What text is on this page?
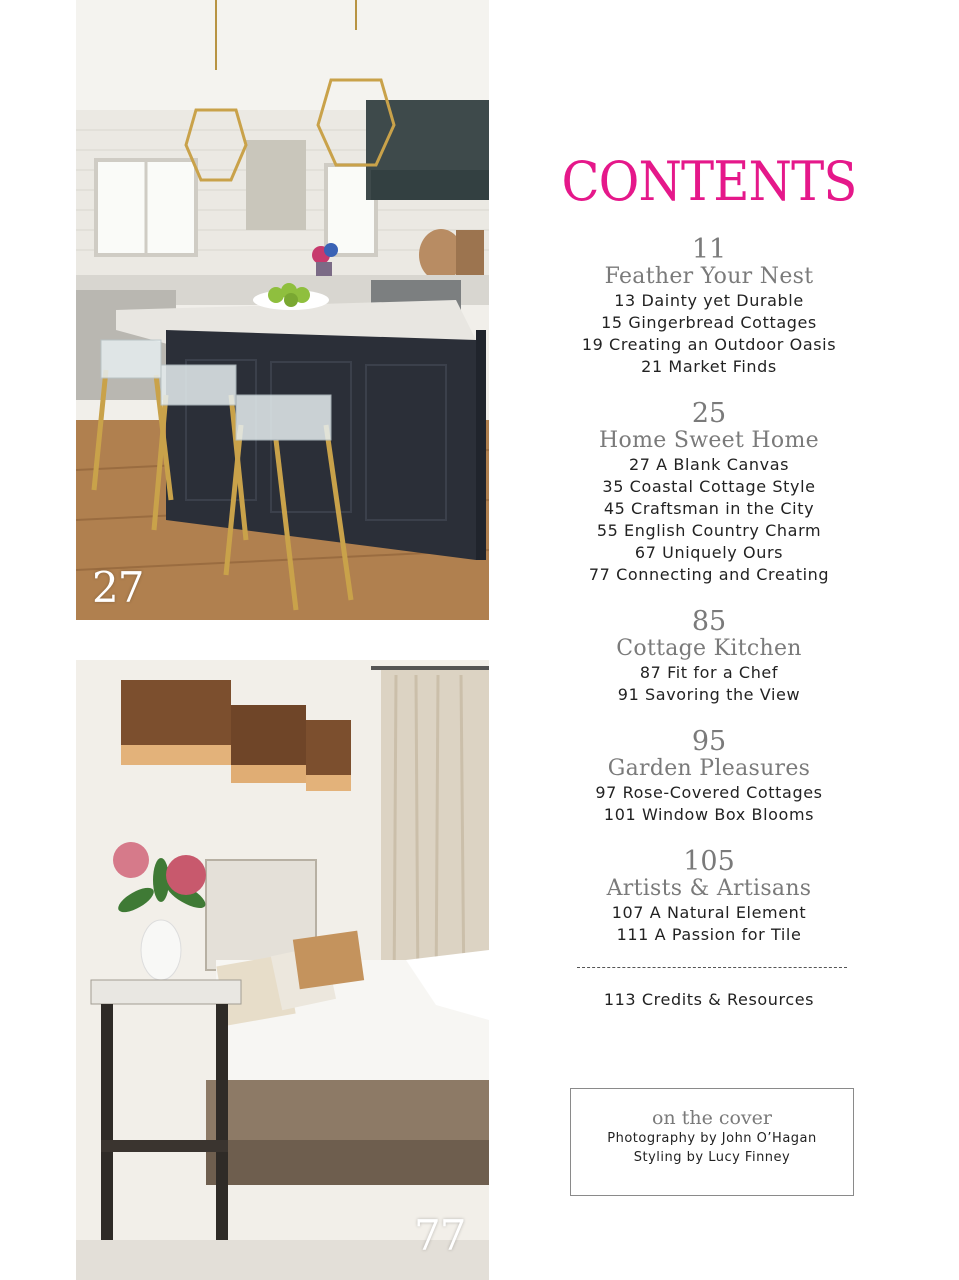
27
77
CONTENTS
11
Feather Your Nest
13 Dainty yet Durable
15 Gingerbread Cottages
19 Creating an Outdoor Oasis
21 Market Finds
25
Home Sweet Home
27 A Blank Canvas
35 Coastal Cottage Style
45 Craftsman in the City
55 English Country Charm
67 Uniquely Ours
77 Connecting and Creating
85
Cottage Kitchen
87 Fit for a Chef
91 Savoring the View
95
Garden Pleasures
97 Rose-Covered Cottages
101 Window Box Blooms
105
Artists & Artisans
107 A Natural Element
111 A Passion for Tile
113 Credits & Resources
on the cover
Photography by John O’Hagan
Styling by Lucy Finney
